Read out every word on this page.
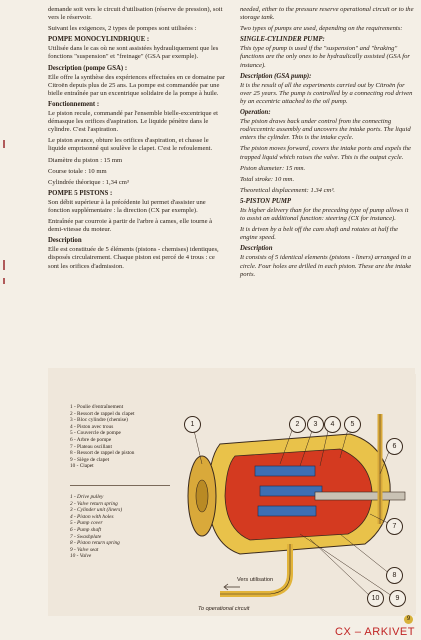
demande soit vers le circuit d'utilisation (réserve de pression), soit vers le réservoir.

Suivant les exigences, 2 types de pompes sont utilisées :

POMPE MONOCYLINDRIQUE :

Utilisée dans le cas où ne sont assistées hydrauliquement que les fonctions "suspension" et "freinage" (GSA par exemple).

Description (pompe GSA) :

Elle offre la synthèse des expériences effectuées en ce domaine par Citroën depuis plus de 25 ans. La pompe est commandée par une bielle entraînée par un excentrique solidaire de la pompe à huile.

Fonctionnement :

Le piston recule, commandé par l'ensemble bielle-excentrique et démasque les orifices d'aspiration. Le liquide pénètre dans le cylindre. C'est l'aspiration.

Le piston avance, obture les orifices d'aspiration, et chasse le liquide emprisonné qui soulève le clapet. C'est le refoulement.

Diamètre du piston : 15 mm

Course totale : 10 mm

Cylindrée théorique : 1,34 cm³

POMPE 5 PISTONS :

Son débit supérieur à la précédente lui permet d'assister une fonction supplémentaire : la direction (CX par exemple).

Entraînée par courroie à partir de l'arbre à cames, elle tourne à demi-vitesse du moteur.

Description

Elle est constituée de 5 éléments (pistons - chemises) identiques, disposés circulairement. Chaque piston est percé de 4 trous : ce sont les orifices d'admission.

needed, either to the pressure reserve operational circuit or to the storage tank.

Two types of pumps are used, depending on the requirements:

SINGLE-CYLINDER PUMP:

This type of pump is used if the "suspension" and "braking" functions are the only ones to be hydraulically assisted (GSA for instance).

Description (GSA pump):

It is the result of all the experiments carried out by Citroën for over 25 years. The pump is controlled by a connecting rod driven by an eccentric attached to the oil pump.

Operation:

The piston draws back under control from the connecting rod/eccentric assembly and uncovers the intake ports. The liquid enters the cylinder. This is the intake cycle.

The piston moves forward, covers the intake ports and expels the trapped liquid which raises the valve. This is the output cycle.

Piston diameter: 15 mm.

Total stroke: 10 mm.

Theoretical displacement: 1.34 cm³.

5-PISTON PUMP

Its higher delivery than for the preceding type of pump allows it to assist an additional function: steering (CX for instance).

It is driven by a belt off the cam shaft and rotates at half the engine speed.

Description

It consists of 5 identical elements (pistons - liners) arranged in a circle. Four holes are drilled in each piston. These are the intake ports.

1 - Poulie d'entraînement
2 - Ressort de rappel du clapet
3 - Bloc cylindre (chemise)
4 - Piston avec trous
5 - Couvercle de pompe
6 - Arbre de pompe
7 - Plateau oscillant
8 - Ressort de rappel de piston
9 - Siège de clapet
10 - Clapet
1 - Drive pulley
2 - Valve return spring
3 - Cylinder unit (liners)
4 - Piston with holes
5 - Pump cover
6 - Pump shaft
7 - Swashplate
8 - Piston return spring
9 - Valve seat
10 - Valve
1	2	3	4	5
6
7
8
9
10
Vers utilisation
To operational circuit
9
CX – ARKIVET
